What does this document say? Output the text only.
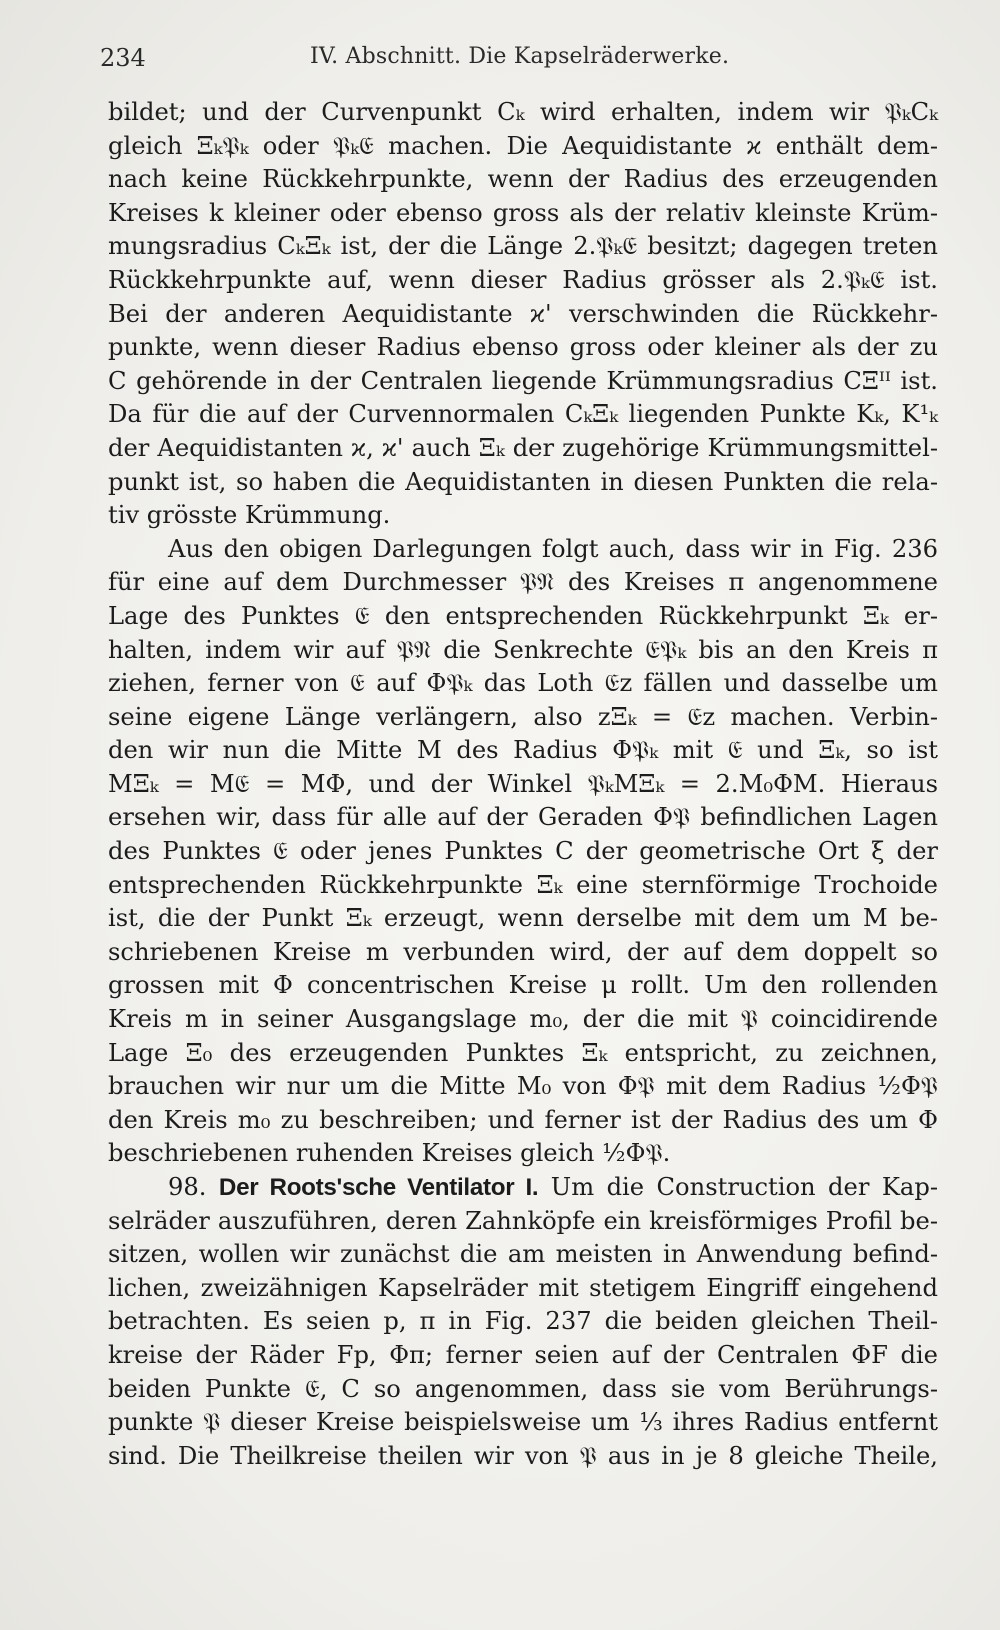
234	IV. Abschnitt. Die Kapselräderwerke.
bildet; und der Curvenpunkt Cₖ wird erhalten, indem wir 𝔓ₖCₖ
gleich Ξₖ𝔓ₖ oder 𝔓ₖ𝔈 machen. Die Aequidistante ϰ enthält dem-
nach keine Rückkehrpunkte, wenn der Radius des erzeugenden
Kreises k kleiner oder ebenso gross als der relativ kleinste Krüm-
mungsradius CₖΞₖ ist, der die Länge 2.𝔓ₖ𝔈 besitzt; dagegen treten
Rückkehrpunkte auf, wenn dieser Radius grösser als 2.𝔓ₖ𝔈 ist.
Bei der anderen Aequidistante ϰ' verschwinden die Rückkehr-
punkte, wenn dieser Radius ebenso gross oder kleiner als der zu
C gehörende in der Centralen liegende Krümmungsradius CΞᴵᴵ ist.
Da für die auf der Curvennormalen CₖΞₖ liegenden Punkte Kₖ, K¹ₖ
der Aequidistanten ϰ, ϰ' auch Ξₖ der zugehörige Krümmungsmittel-
punkt ist, so haben die Aequidistanten in diesen Punkten die rela-
tiv grösste Krümmung.
Aus den obigen Darlegungen folgt auch, dass wir in Fig. 236
für eine auf dem Durchmesser 𝔓𝔑 des Kreises π angenommene
Lage des Punktes 𝔈 den entsprechenden Rückkehrpunkt Ξₖ er-
halten, indem wir auf 𝔓𝔑 die Senkrechte 𝔈𝔓ₖ bis an den Kreis π
ziehen, ferner von 𝔈 auf Φ𝔓ₖ das Loth 𝔈z fällen und dasselbe um
seine eigene Länge verlängern, also zΞₖ = 𝔈z machen. Verbin-
den wir nun die Mitte M des Radius Φ𝔓ₖ mit 𝔈 und Ξₖ, so ist
MΞₖ = M𝔈 = MΦ, und der Winkel 𝔓ₖMΞₖ = 2.M₀ΦM. Hieraus
ersehen wir, dass für alle auf der Geraden Φ𝔓 befindlichen Lagen
des Punktes 𝔈 oder jenes Punktes C der geometrische Ort ξ der
entsprechenden Rückkehrpunkte Ξₖ eine sternförmige Trochoide
ist, die der Punkt Ξₖ erzeugt, wenn derselbe mit dem um M be-
schriebenen Kreise m verbunden wird, der auf dem doppelt so
grossen mit Φ concentrischen Kreise μ rollt. Um den rollenden
Kreis m in seiner Ausgangslage m₀, der die mit 𝔓 coincidirende
Lage Ξ₀ des erzeugenden Punktes Ξₖ entspricht, zu zeichnen,
brauchen wir nur um die Mitte M₀ von Φ𝔓 mit dem Radius ½Φ𝔓
den Kreis m₀ zu beschreiben; und ferner ist der Radius des um Φ
beschriebenen ruhenden Kreises gleich ½Φ𝔓.
98. Der Roots'sche Ventilator I. Um die Construction der Kap-
selräder auszuführen, deren Zahnköpfe ein kreisförmiges Profil be-
sitzen, wollen wir zunächst die am meisten in Anwendung befind-
lichen, zweizähnigen Kapselräder mit stetigem Eingriff eingehend
betrachten. Es seien p, π in Fig. 237 die beiden gleichen Theil-
kreise der Räder Fp, Φπ; ferner seien auf der Centralen ΦF die
beiden Punkte 𝔈, C so angenommen, dass sie vom Berührungs-
punkte 𝔓 dieser Kreise beispielsweise um ⅓ ihres Radius entfernt
sind. Die Theilkreise theilen wir von 𝔓 aus in je 8 gleiche Theile,
